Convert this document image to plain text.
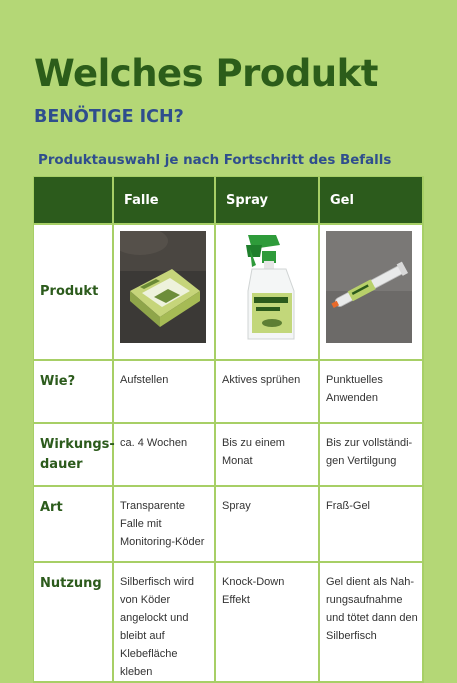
Welches Produkt
BENÖTIGE ICH?
Produktauswahl je nach Fortschritt des Befalls
	Falle	Spray	Gel
Produkt	

Wie?	Aufstellen	Aktives sprühen	Punktuelles Anwenden
Wirkungs-dauer	ca. 4 Wochen	Bis zu einem Monat	Bis zur vollständi-gen Vertilgung
Art	Transparente Falle mit Monitoring-Köder	Spray	Fraß-Gel
Nutzung	Silberfisch wird von Köder angelockt und bleibt auf Klebefläche kleben	Knock-Down Effekt	Gel dient als Nah-rungsaufnahme und tötet dann den Silberfisch
